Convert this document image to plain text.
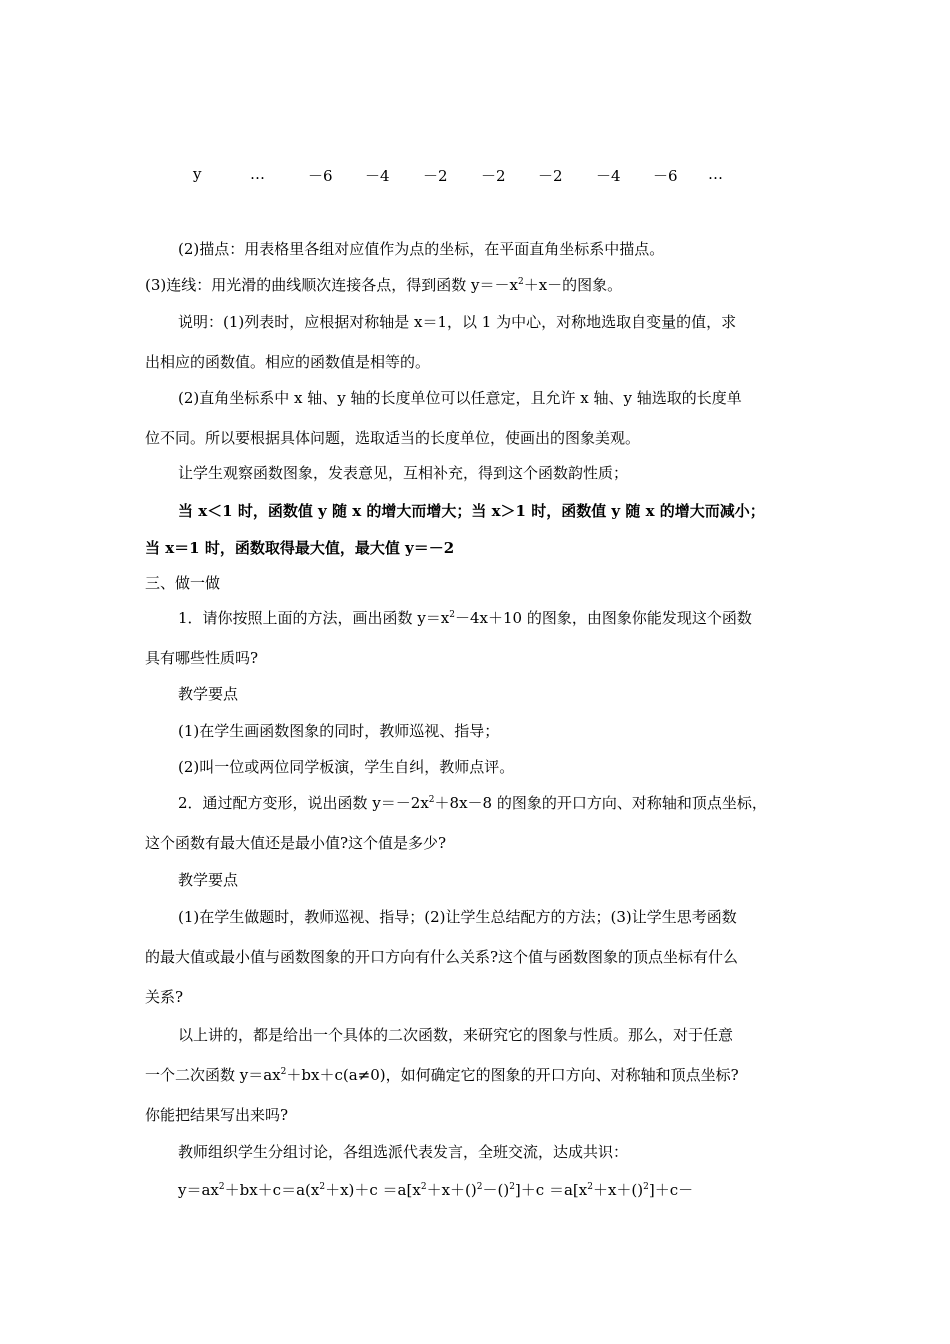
y	…	－6 －4 －2 －2 －2 －4 －6 …
(2)描点：用表格里各组对应值作为点的坐标，在平面直角坐标系中描点。
(3)连线：用光滑的曲线顺次连接各点，得到函数 $y=-x^2+x-$的图象。
说明：(1)列表时，应根据对称轴是 x＝1，以 1 为中心，对称地选取自变量的值，求
出相应的函数值。相应的函数值是相等的。
(2)直角坐标系中 x 轴、y 轴的长度单位可以任意定，且允许 x 轴、y 轴选取的长度单
位不同。所以要根据具体问题，选取适当的长度单位，使画出的图象美观。
让学生观察函数图象，发表意见，互相补充，得到这个函数韵性质；
当 x＜1 时，函数值 y 随 x 的增大而增大；当 x＞1 时，函数值 y 随 x 的增大而减小；
当 x＝1 时，函数取得最大值，最大值 y＝－2
三、做一做
1．请你按照上面的方法，画出函数 $y=x^2-4x+10$ 的图象，由图象你能发现这个函数
具有哪些性质吗?
教学要点
(1)在学生画函数图象的同时，教师巡视、指导；
(2)叫一位或两位同学板演，学生自纠，教师点评。
2．通过配方变形，说出函数 $y=-2x^2+8x-8$ 的图象的开口方向、对称轴和顶点坐标，
这个函数有最大值还是最小值?这个值是多少?
教学要点
(1)在学生做题时，教师巡视、指导；(2)让学生总结配方的方法；(3)让学生思考函数
的最大值或最小值与函数图象的开口方向有什么关系?这个值与函数图象的顶点坐标有什么
关系?
以上讲的，都是给出一个具体的二次函数，来研究它的图象与性质。那么，对于任意
一个二次函数 $y=ax^2+bx+c(a\ne 0)$，如何确定它的图象的开口方向、对称轴和顶点坐标?
你能把结果写出来吗?
教师组织学生分组讨论，各组选派代表发言，全班交流，达成共识：
$y=ax^2+bx+c=a(x^2+x)+c =a[x^2+x+()^2-()^2]+c =a[x^2+x+()^2]+c-$
